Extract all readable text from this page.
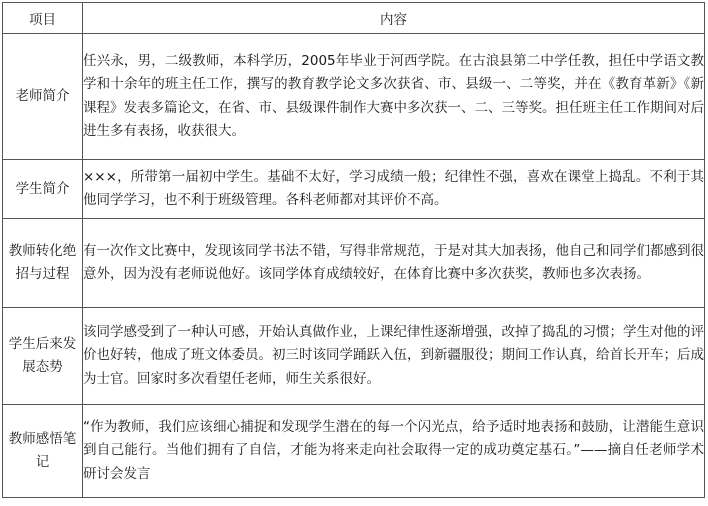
项目	内容
老师简介	任兴永，男，二级教师，本科学历，2005年毕业于河西学院。在古浪县第二中学任教，担任中学语文教学和十余年的班主任工作，撰写的教育教学论文多次获省、市、县级一、二等奖，并在《教育革新》《新课程》发表多篇论文，在省、市、县级课件制作大赛中多次获一、二、三等奖。担任班主任工作期间对后进生多有表扬，收获很大。
学生简介	×××，所带第一届初中学生。基础不太好，学习成绩一般；纪律性不强，喜欢在课堂上捣乱。不利于其他同学学习，也不利于班级管理。各科老师都对其评价不高。
教师转化绝招与过程	有一次作文比赛中，发现该同学书法不错，写得非常规范，于是对其大加表扬，他自己和同学们都感到很意外，因为没有老师说他好。该同学体育成绩较好，在体育比赛中多次获奖，教师也多次表扬。
学生后来发展态势	该同学感受到了一种认可感，开始认真做作业，上课纪律性逐渐增强，改掉了捣乱的习惯；学生对他的评价也好转，他成了班文体委员。初三时该同学踊跃入伍，到新疆服役；期间工作认真，给首长开车；后成为士官。回家时多次看望任老师，师生关系很好。
教师感悟笔记	“作为教师，我们应该细心捕捉和发现学生潜在的每一个闪光点，给予适时地表扬和鼓励，让潜能生意识到自己能行。当他们拥有了自信，才能为将来走向社会取得一定的成功奠定基石。”——摘自任老师学术研讨会发言
